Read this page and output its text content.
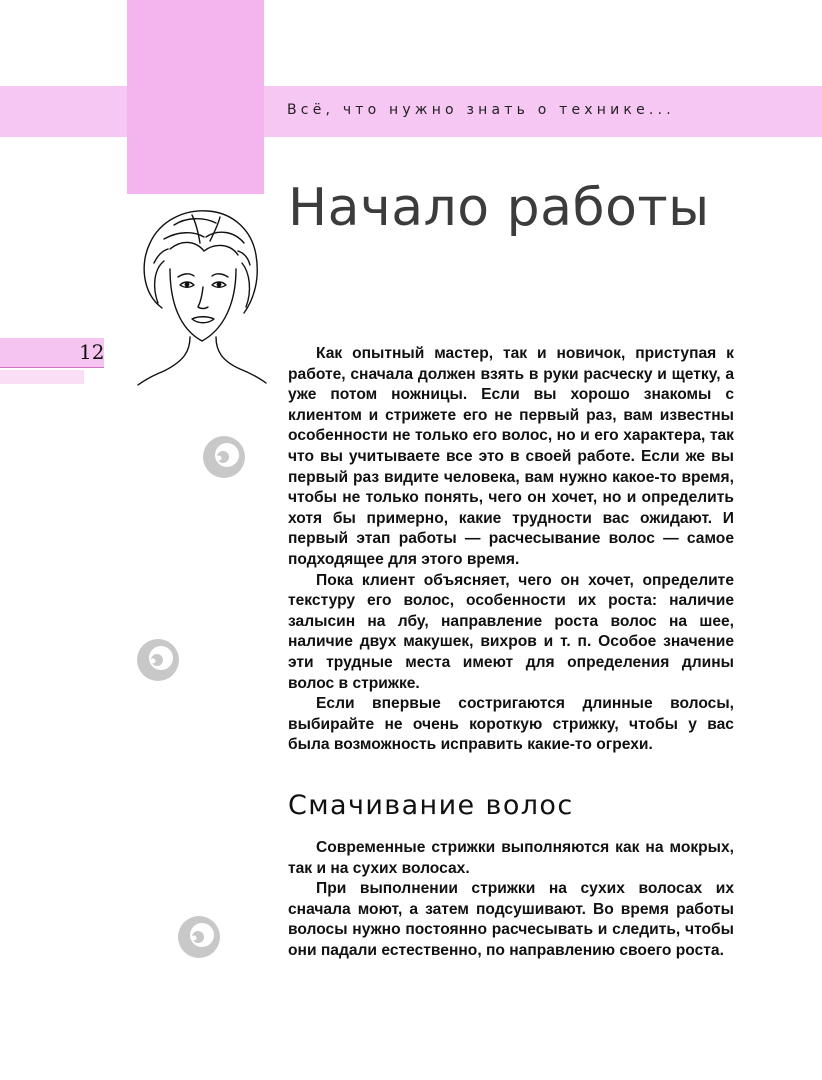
Всё, что нужно знать о технике...
Начало работы
12	Как опытный мастер, так и новичок, приступая к работе, сначала должен взять в руки расческу и щетку, а уже потом ножницы. Если вы хорошо знакомы с клиентом и стрижете его не первый раз, вам известны особенности не только его волос, но и его характера, так что вы учитываете все это в своей работе. Если же вы первый раз видите человека, вам нужно какое-то время, чтобы не только понять, чего он хочет, но и определить хотя бы примерно, какие трудности вас ожидают. И первый этап работы — расчесывание волос — самое подходящее для этого время.

Пока клиент объясняет, чего он хочет, определите текстуру его волос, особенности их роста: наличие залысин на лбу, направление роста волос на шее, наличие двух макушек, вихров и т. п. Особое значение эти трудные места имеют для определения длины волос в стрижке.

Если впервые состригаются длинные волосы, выбирайте не очень короткую стрижку, чтобы у вас была возможность исправить какие-то огрехи.

Смачивание волос

Современные стрижки выполняются как на мокрых, так и на сухих волосах.

При выполнении стрижки на сухих волосах их сначала моют, а затем подсушивают. Во время работы волосы нужно постоянно расчесывать и следить, чтобы они падали естественно, по направлению своего роста.
